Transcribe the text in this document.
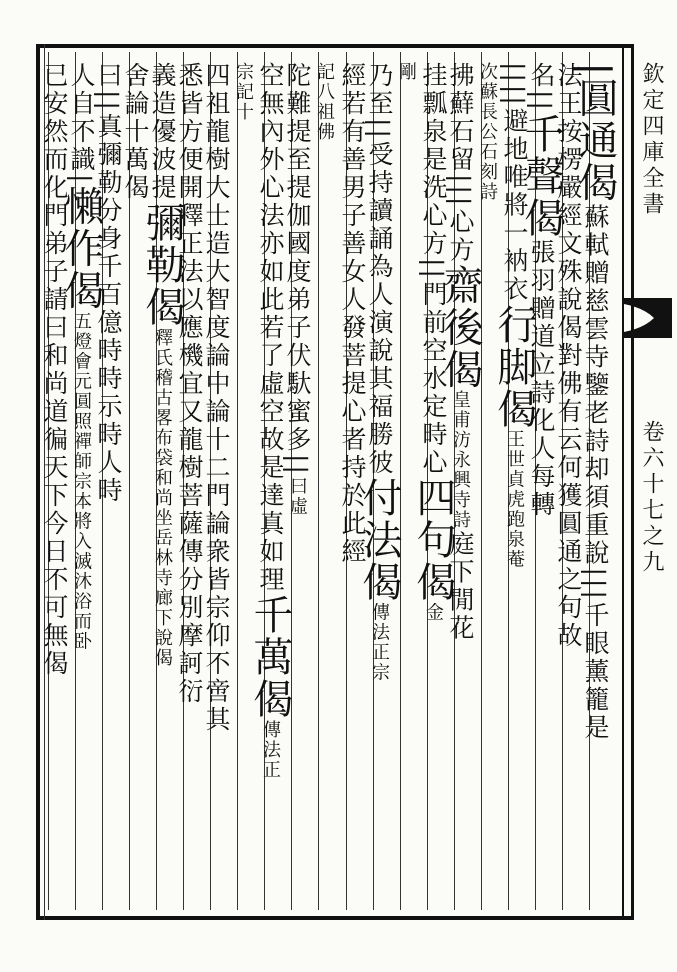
欽定四庫全書
卷六十七之九
|圓通偈蘇軾贈慈雲寺鑒老詩却須重說|||千眼薰籠是
法王按楞嚴經文殊說偈對佛有云何獲圓通之句故
名||千聲偈張羽贈道立詩化人每轉
||||避地唯將一衲衣行脚偈王世貞虎跑泉菴
次蘇長公石刻詩
拂蘚石留|||心方齋後偈皇甫汸永興寺詩庭下閒花
挂瓢泉是洗心方||門前空水定時心四句偈金
剛
乃至||受持讀誦為人演說其福勝彼付法偈傳法正宗
經若有善男子善女人發菩提心者持於此經
記八祖佛
陀難提至提伽國度弟子伏馱蜜多||曰虛
空無內外心法亦如此若了虛空故是達真如理千萬偈傳法正
宗記十
四祖龍樹大士造大智度論中論十二門論衆皆宗仰不啻其
悉皆方便開釋正法以應機宜又龍樹菩薩傳分別摩訶衍
義造優波提彌勒偈釋氏稽古畧布袋和尚坐岳林寺廊下說偈
舍論十萬偈
曰||真彌勒分身千百億時時示時人時
人自不識|懶作偈五燈會元圓照禪師宗本將入滅沐浴而卧
已安然而化門弟子請曰和尚道徧天下今日不可無偈
